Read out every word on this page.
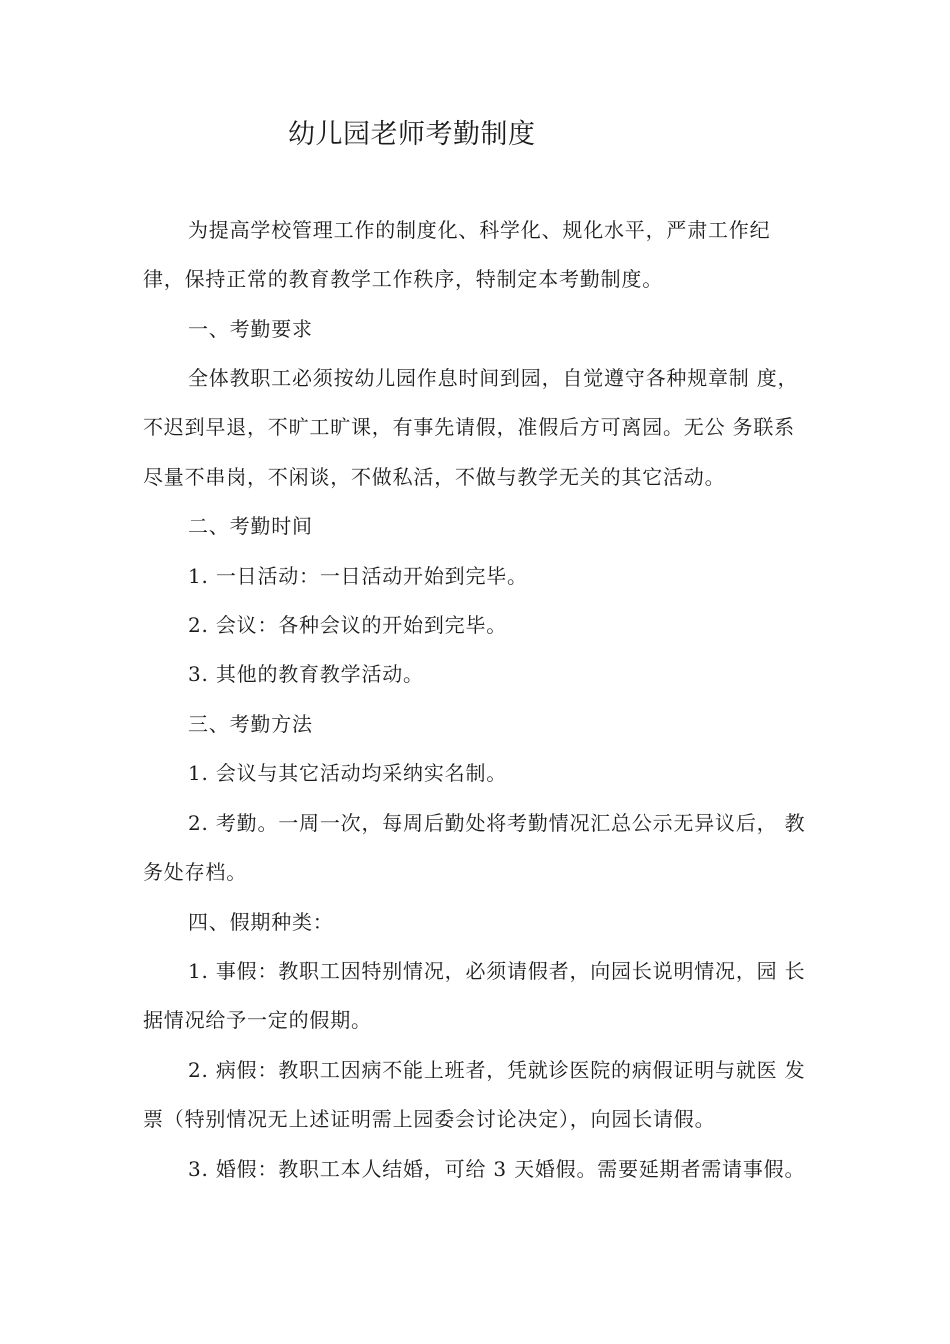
幼儿园老师考勤制度
为提高学校管理工作的制度化、科学化、规化水平，严肃工作纪
律，保持正常的教育教学工作秩序，特制定本考勤制度。
一、考勤要求
全体教职工必须按幼儿园作息时间到园，自觉遵守各种规章制 度，
不迟到早退，不旷工旷课，有事先请假，准假后方可离园。无公 务联系
尽量不串岗，不闲谈，不做私活，不做与教学无关的其它活动。
二、考勤时间
1. 一日活动：一日活动开始到完毕。
2. 会议：各种会议的开始到完毕。
3. 其他的教育教学活动。
三、考勤方法
1. 会议与其它活动均采纳实名制。
2. 考勤。一周一次，每周后勤处将考勤情况汇总公示无异议后， 教
务处存档。
四、假期种类：
1. 事假：教职工因特别情况，必须请假者，向园长说明情况，园 长
据情况给予一定的假期。
2. 病假：教职工因病不能上班者，凭就诊医院的病假证明与就医 发
票（特别情况无上述证明需上园委会讨论决定），向园长请假。
3. 婚假：教职工本人结婚，可给 3 天婚假。需要延期者需请事假。
